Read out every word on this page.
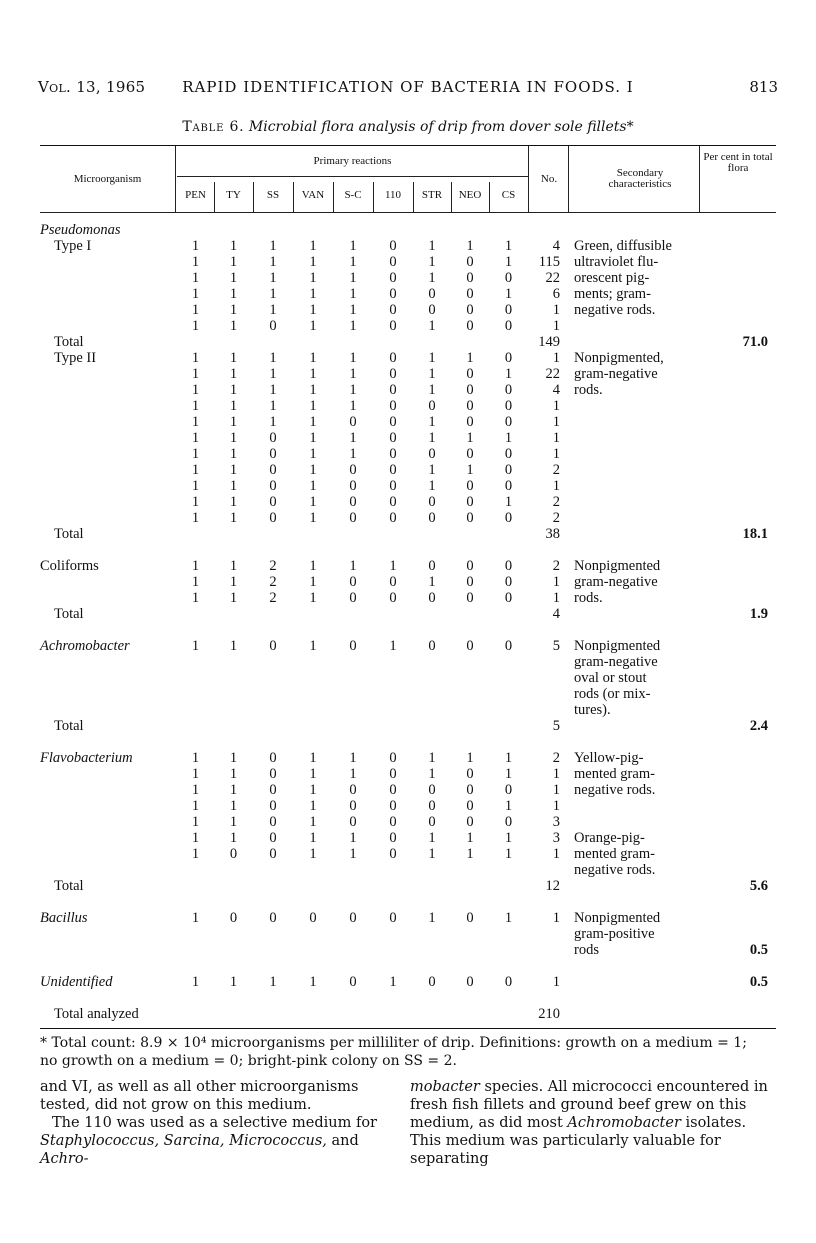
Vol. 13, 1965	RAPID IDENTIFICATION OF BACTERIA IN FOODS. I	813
Table 6. Microbial flora analysis of drip from dover sole fillets*
Microorganism
Primary reactions
PEN	TY	SS	VAN	S-C	110	STR	NEO	CS
No.	Secondary characteristics
Per cent in total flora
Pseudomonas												
Type I	1	1	1	1	1	0	1	1	1	4	Green, diffusible	
	1	1	1	1	1	0	1	0	1	115	ultraviolet flu-	
	1	1	1	1	1	0	1	0	0	22	orescent pig-	
	1	1	1	1	1	0	0	0	1	6	ments; gram-	
	1	1	1	1	1	0	0	0	0	1	negative rods.	
	1	1	0	1	1	0	1	0	0	1		
Total										149		71.0
Type II	1	1	1	1	1	0	1	1	0	1	Nonpigmented,	
	1	1	1	1	1	0	1	0	1	22	gram-negative	
	1	1	1	1	1	0	1	0	0	4	rods.	
	1	1	1	1	1	0	0	0	0	1		
	1	1	1	1	0	0	1	0	0	1		
	1	1	0	1	1	0	1	1	1	1		
	1	1	0	1	1	0	0	0	0	1		
	1	1	0	1	0	0	1	1	0	2		
	1	1	0	1	0	0	1	0	0	1		
	1	1	0	1	0	0	0	0	1	2		
	1	1	0	1	0	0	0	0	0	2		
Total										38		18.1

Coliforms	1	1	2	1	1	1	0	0	0	2	Nonpigmented	
	1	1	2	1	0	0	1	0	0	1	gram-negative	
	1	1	2	1	0	0	0	0	0	1	rods.	
Total										4		1.9

Achromobacter	1	1	0	1	0	1	0	0	0	5	Nonpigmented	
											gram-negative	
											oval or stout	
											rods (or mix-	
											tures).	
Total										5		2.4

Flavobacterium	1	1	0	1	1	0	1	1	1	2	Yellow-pig-	
	1	1	0	1	1	0	1	0	1	1	mented gram-	
	1	1	0	1	0	0	0	0	0	1	negative rods.	
	1	1	0	1	0	0	0	0	1	1		
	1	1	0	1	0	0	0	0	0	3		
	1	1	0	1	1	0	1	1	1	3	Orange-pig-	
	1	0	0	1	1	0	1	1	1	1	mented gram-	
											negative rods.	
Total										12		5.6

Bacillus	1	0	0	0	0	0	1	0	1	1	Nonpigmented	
											gram-positive	
											rods	0.5

Unidentified	1	1	1	1	0	1	0	0	0	1		0.5

Total analyzed										210		
* Total count: 8.9 × 10⁴ microorganisms per milliliter of drip. Definitions: growth on a medium = 1; no growth on a medium = 0; bright-pink colony on SS = 2.
and VI, as well as all other microorganisms tested, did not grow on this medium.
The 110 was used as a selective medium for Staphylococcus, Sarcina, Micrococcus, and Achro-
mobacter species. All micrococci encountered in fresh fish fillets and ground beef grew on this medium, as did most Achromobacter isolates. This medium was particularly valuable for separating
